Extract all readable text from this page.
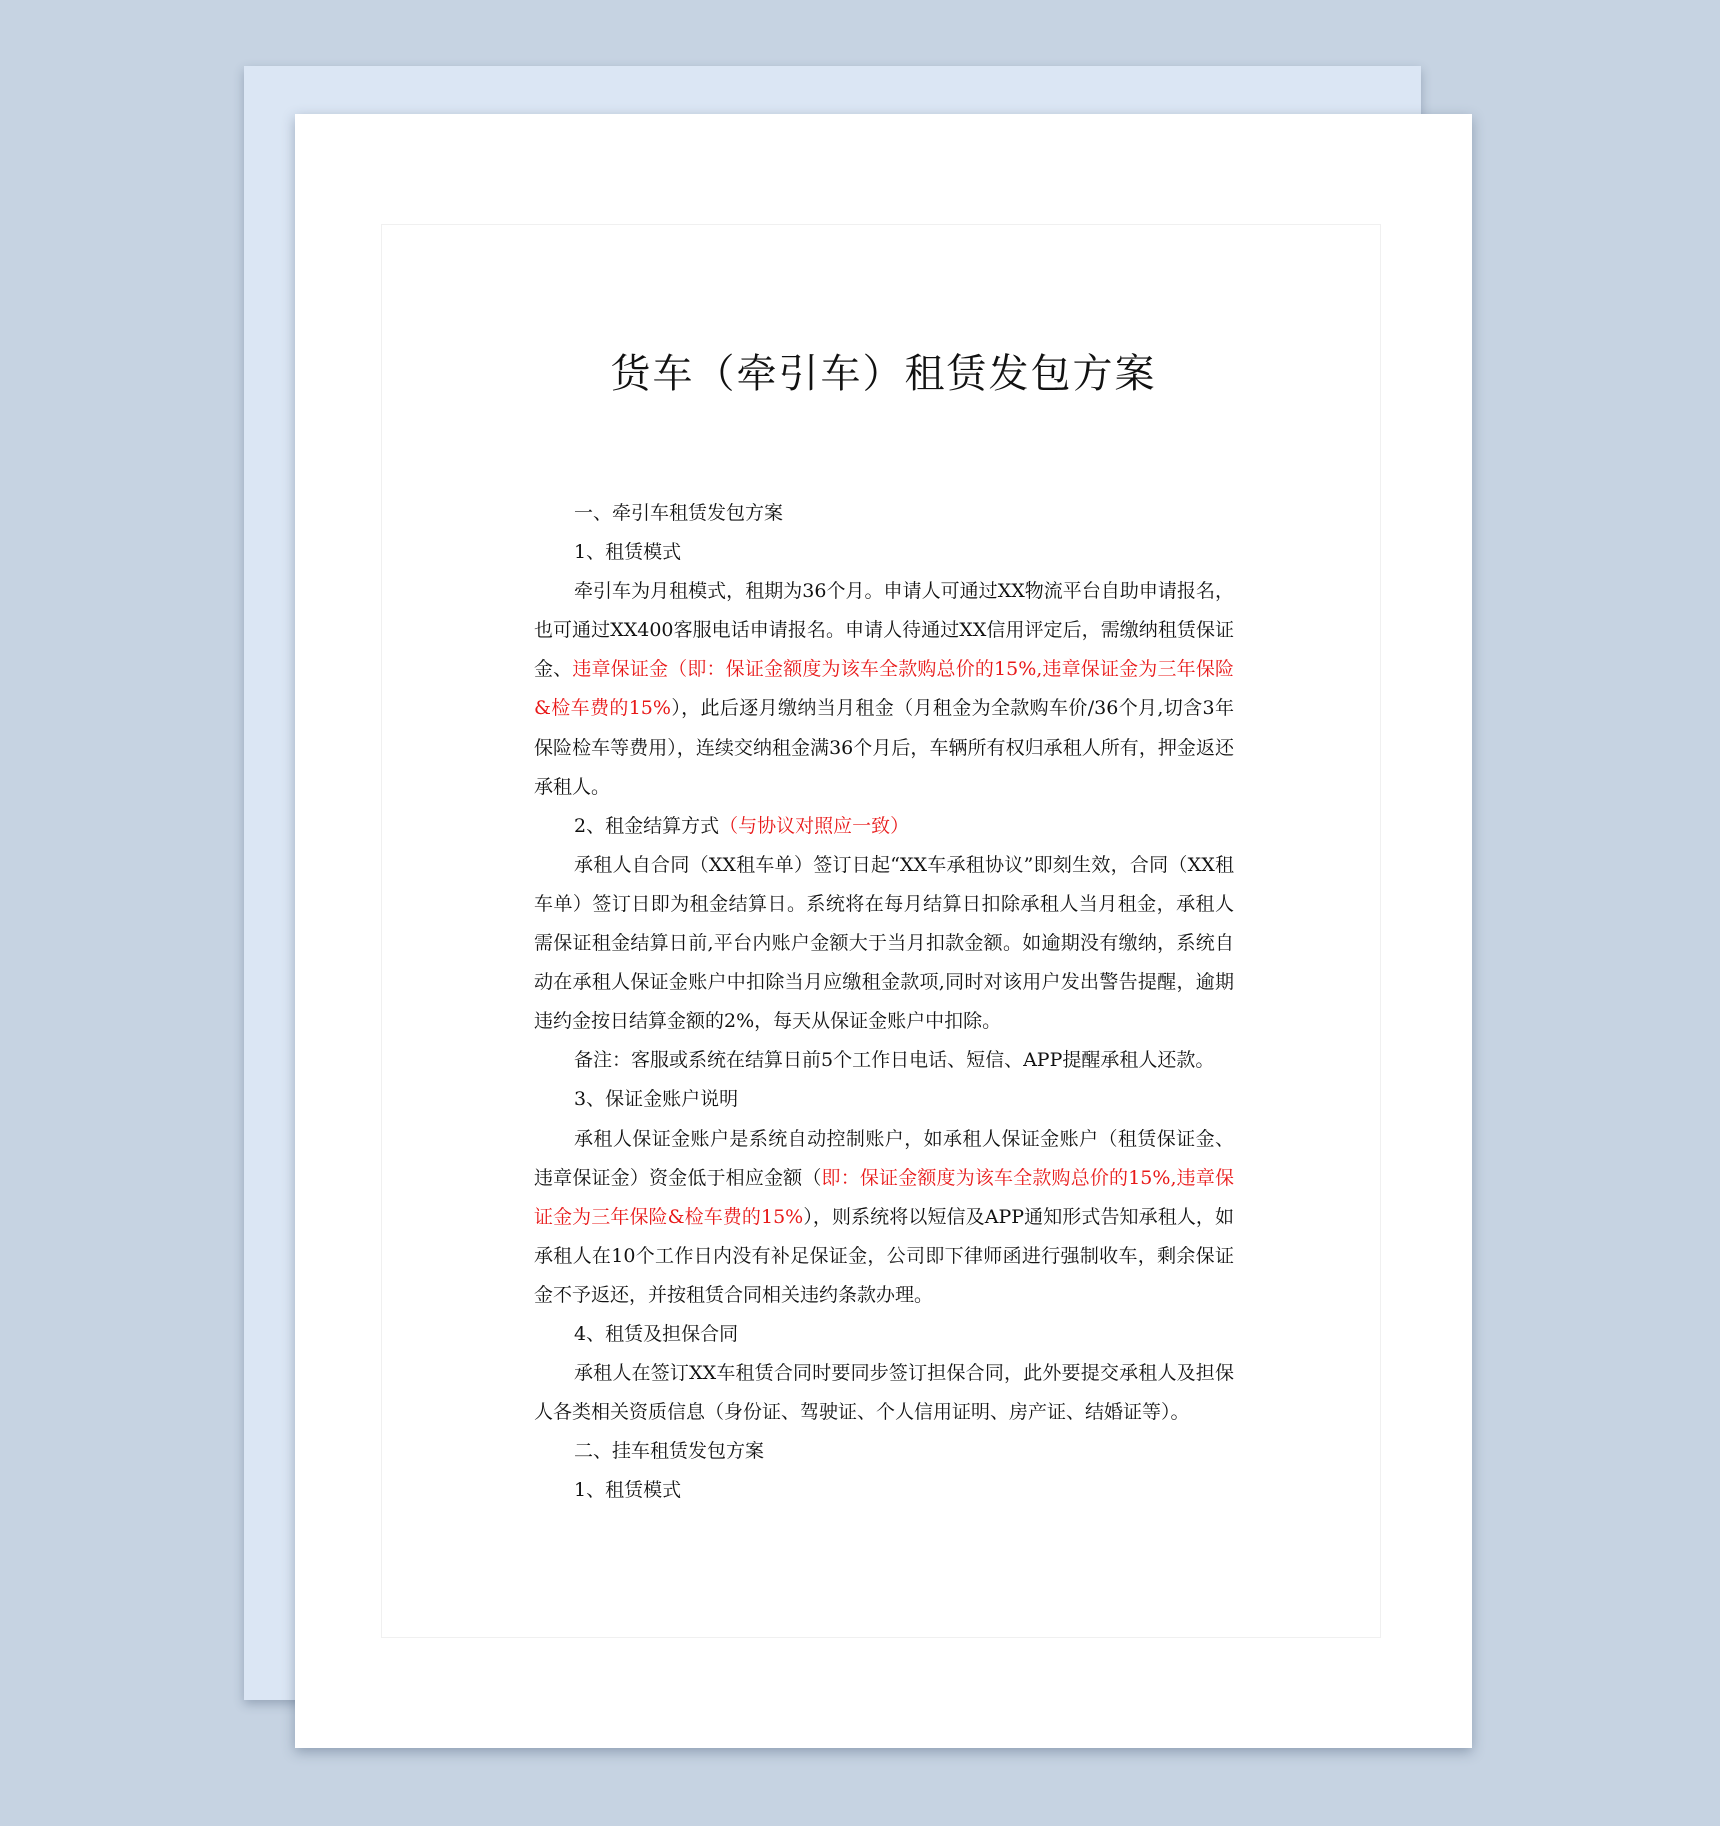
货车（牵引车）租赁发包方案
一、牵引车租赁发包方案
1、租赁模式
牵引车为月租模式，租期为36个月。申请人可通过XX物流平台自助申请报名，也可通过XX400客服电话申请报名。申请人待通过XX信用评定后，需缴纳租赁保证金、违章保证金（即：保证金额度为该车全款购总价的15%,违章保证金为三年保险&检车费的15%），此后逐月缴纳当月租金（月租金为全款购车价/36个月,切含3年保险检车等费用），连续交纳租金满36个月后，车辆所有权归承租人所有，押金返还承租人。
2、租金结算方式（与协议对照应一致）
承租人自合同（XX租车单）签订日起“XX车承租协议”即刻生效，合同（XX租车单）签订日即为租金结算日。系统将在每月结算日扣除承租人当月租金，承租人需保证租金结算日前,平台内账户金额大于当月扣款金额。如逾期没有缴纳，系统自动在承租人保证金账户中扣除当月应缴租金款项,同时对该用户发出警告提醒，逾期违约金按日结算金额的2%，每天从保证金账户中扣除。
备注：客服或系统在结算日前5个工作日电话、短信、APP提醒承租人还款。
3、保证金账户说明
承租人保证金账户是系统自动控制账户，如承租人保证金账户（租赁保证金、违章保证金）资金低于相应金额（即：保证金额度为该车全款购总价的15%,违章保证金为三年保险&检车费的15%），则系统将以短信及APP通知形式告知承租人，如承租人在10个工作日内没有补足保证金，公司即下律师函进行强制收车，剩余保证金不予返还，并按租赁合同相关违约条款办理。
4、租赁及担保合同
承租人在签订XX车租赁合同时要同步签订担保合同，此外要提交承租人及担保人各类相关资质信息（身份证、驾驶证、个人信用证明、房产证、结婚证等）。
二、挂车租赁发包方案
1、租赁模式
